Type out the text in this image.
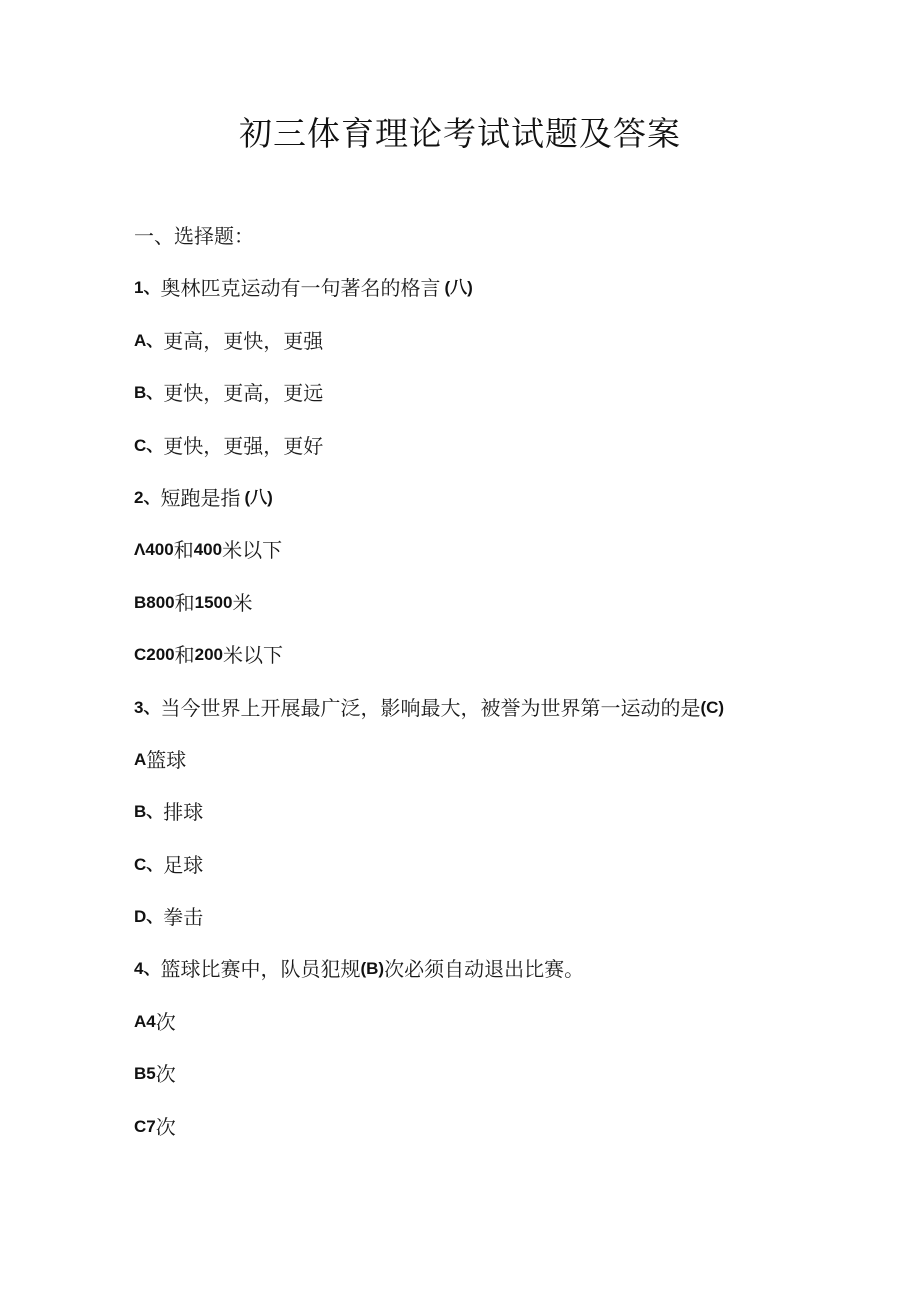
初三体育理论考试试题及答案
一、选择题：
1、 奥林匹克运动有一句著名的格言 (八)
A、 更高，更快，更强
B、 更快，更高，更远
C、 更快，更强，更好
2、 短跑是指 (八)
Λ400 和 400 米以下
B800 和 1500 米
C200 和 200 米以下
3、 当今世界上开展最广泛，影响最大，被誉为世界第一运动的是 (C)
A 篮球
B、 排球
C、 足球
D、 拳击
4、 篮球比赛中，队员犯规 (B) 次必须自动退出比赛。
A4 次
B5 次
C7 次
